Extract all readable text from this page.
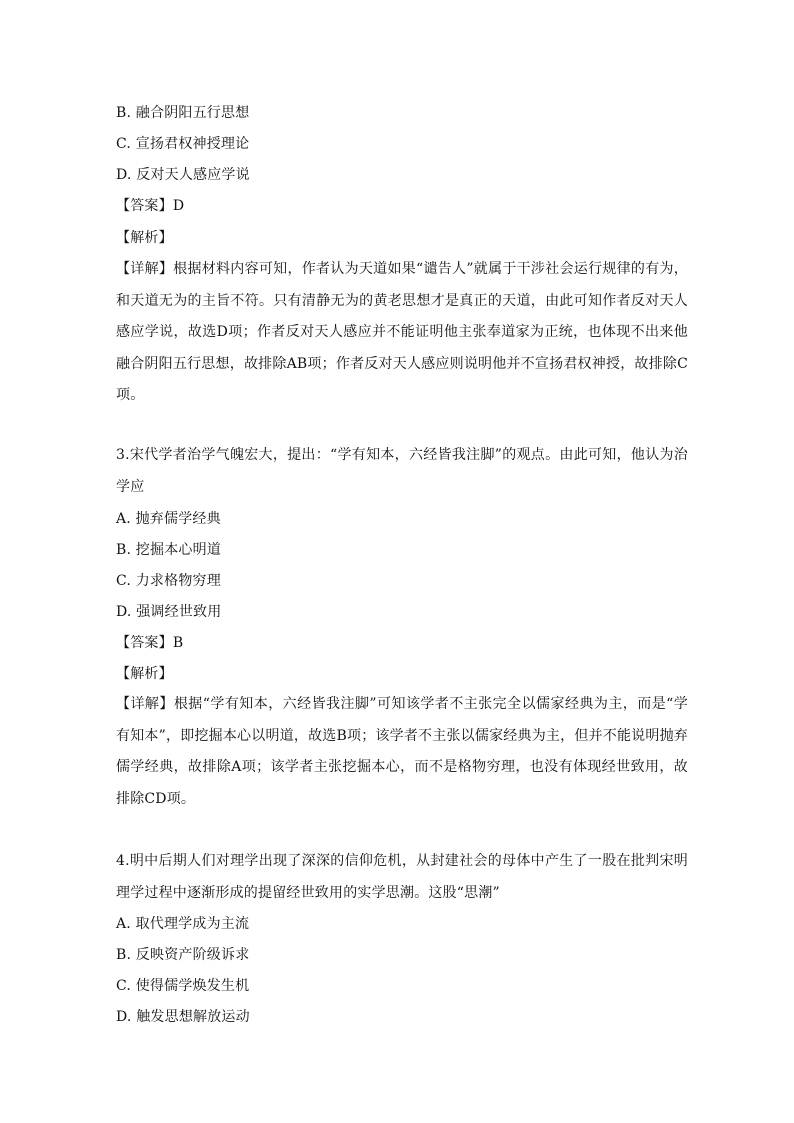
B. 融合阴阳五行思想
C. 宣扬君权神授理论
D. 反对天人感应学说
【答案】D
【解析】
【详解】根据材料内容可知，作者认为天道如果“谴告人”就属于干涉社会运行规律的有为，和天道无为的主旨不符。只有清静无为的黄老思想才是真正的天道，由此可知作者反对天人感应学说，故选D项；作者反对天人感应并不能证明他主张奉道家为正统，也体现不出来他融合阴阳五行思想，故排除AB项；作者反对天人感应则说明他并不宣扬君权神授，故排除C项。
3.宋代学者治学气魄宏大，提出：“学有知本，六经皆我注脚”的观点。由此可知，他认为治学应
A. 抛弃儒学经典
B. 挖掘本心明道
C. 力求格物穷理
D. 强调经世致用
【答案】B
【解析】
【详解】根据“学有知本，六经皆我注脚”可知该学者不主张完全以儒家经典为主，而是“学有知本”，即挖掘本心以明道，故选B项；该学者不主张以儒家经典为主，但并不能说明抛弃儒学经典，故排除A项；该学者主张挖掘本心，而不是格物穷理，也没有体现经世致用，故排除CD项。
4.明中后期人们对理学出现了深深的信仰危机，从封建社会的母体中产生了一股在批判宋明理学过程中逐渐形成的提留经世致用的实学思潮。这股“思潮”
A. 取代理学成为主流
B. 反映资产阶级诉求
C. 使得儒学焕发生机
D. 触发思想解放运动
